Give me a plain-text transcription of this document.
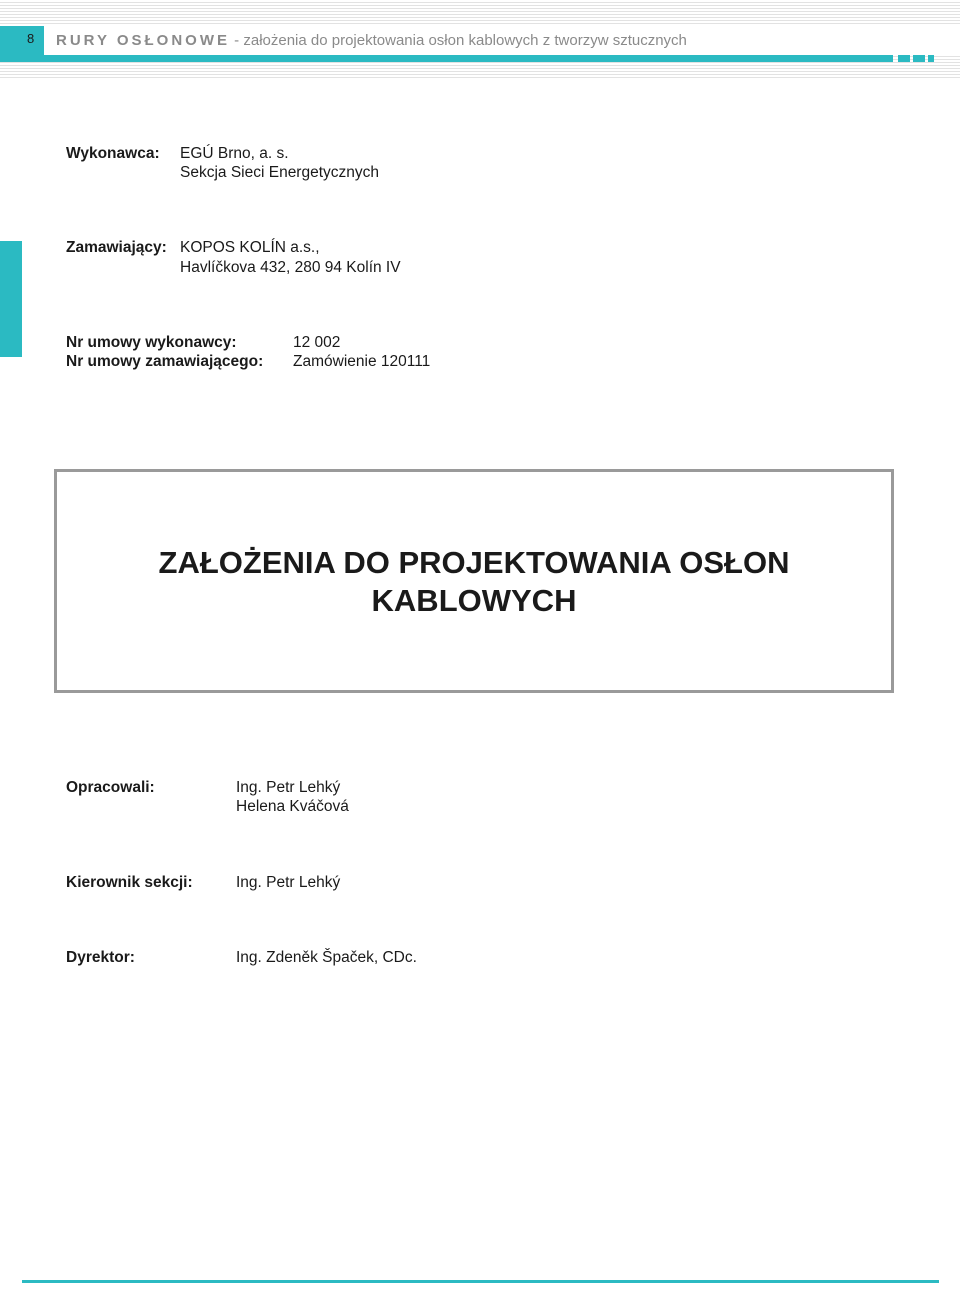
8 RURY OSŁONOWE - założenia do projektowania osłon kablowych z tworzyw sztucznych
Wykonawca: EGÚ Brno, a. s.
Sekcja Sieci Energetycznych
Zamawiający: KOPOS KOLÍN a.s.,
Havlíčkova 432, 280 94 Kolín IV
Nr umowy wykonawcy:	12 002
Nr umowy zamawiającego: Zamówienie 120111
ZAŁOŻENIA DO PROJEKTOWANIA OSŁON
KABLOWYCH
Opracowali:	Ing. Petr Lehký
Helena Kváčová
Kierownik sekcji:	Ing. Petr Lehký
Dyrektor:	Ing. Zdeněk Špaček, CDc.
